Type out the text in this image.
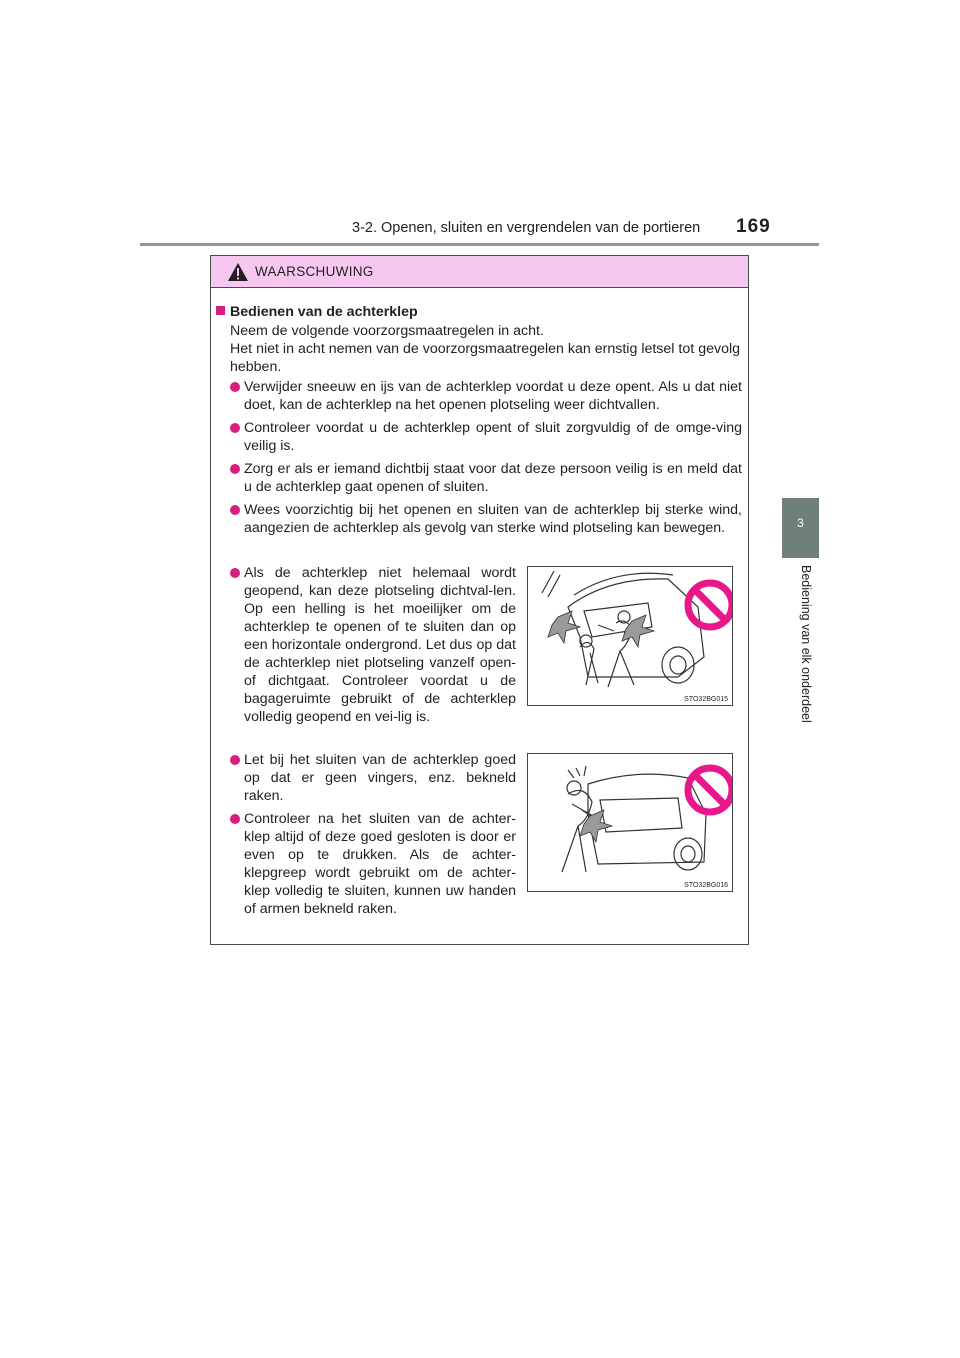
3-2. Openen, sluiten en vergrendelen van de portieren 169
3
Bediening van elk onderdeel
WAARSCHUWING
Bedienen van de achterklep
Neem de volgende voorzorgsmaatregelen in acht.
Het niet in acht nemen van de voorzorgsmaatregelen kan ernstig letsel tot gevolg hebben.
Verwijder sneeuw en ijs van de achterklep voordat u deze opent. Als u dat niet doet, kan de achterklep na het openen plotseling weer dichtvallen.
Controleer voordat u de achterklep opent of sluit zorgvuldig of de omge-ving veilig is.
Zorg er als er iemand dichtbij staat voor dat deze persoon veilig is en meld dat u de achterklep gaat openen of sluiten.
Wees voorzichtig bij het openen en sluiten van de achterklep bij sterke wind, aangezien de achterklep als gevolg van sterke wind plotseling kan bewegen.
Als de achterklep niet helemaal wordt geopend, kan deze plotseling dichtval-len. Op een helling is het moeilijker om de achterklep te openen of te sluiten dan op een horizontale ondergrond. Let dus op dat de achterklep niet plotseling vanzelf open- of dichtgaat. Controleer voordat u de bagageruimte gebruikt of de achterklep volledig geopend en vei-lig is.
Let bij het sluiten van de achterklep goed op dat er geen vingers, enz. bekneld raken.
Controleer na het sluiten van de achter-klep altijd of deze goed gesloten is door er even op te drukken. Als de achter-klepgreep wordt gebruikt om de achter-klep volledig te sluiten, kunnen uw handen of armen bekneld raken.
STO32BG015
STO32BG016
